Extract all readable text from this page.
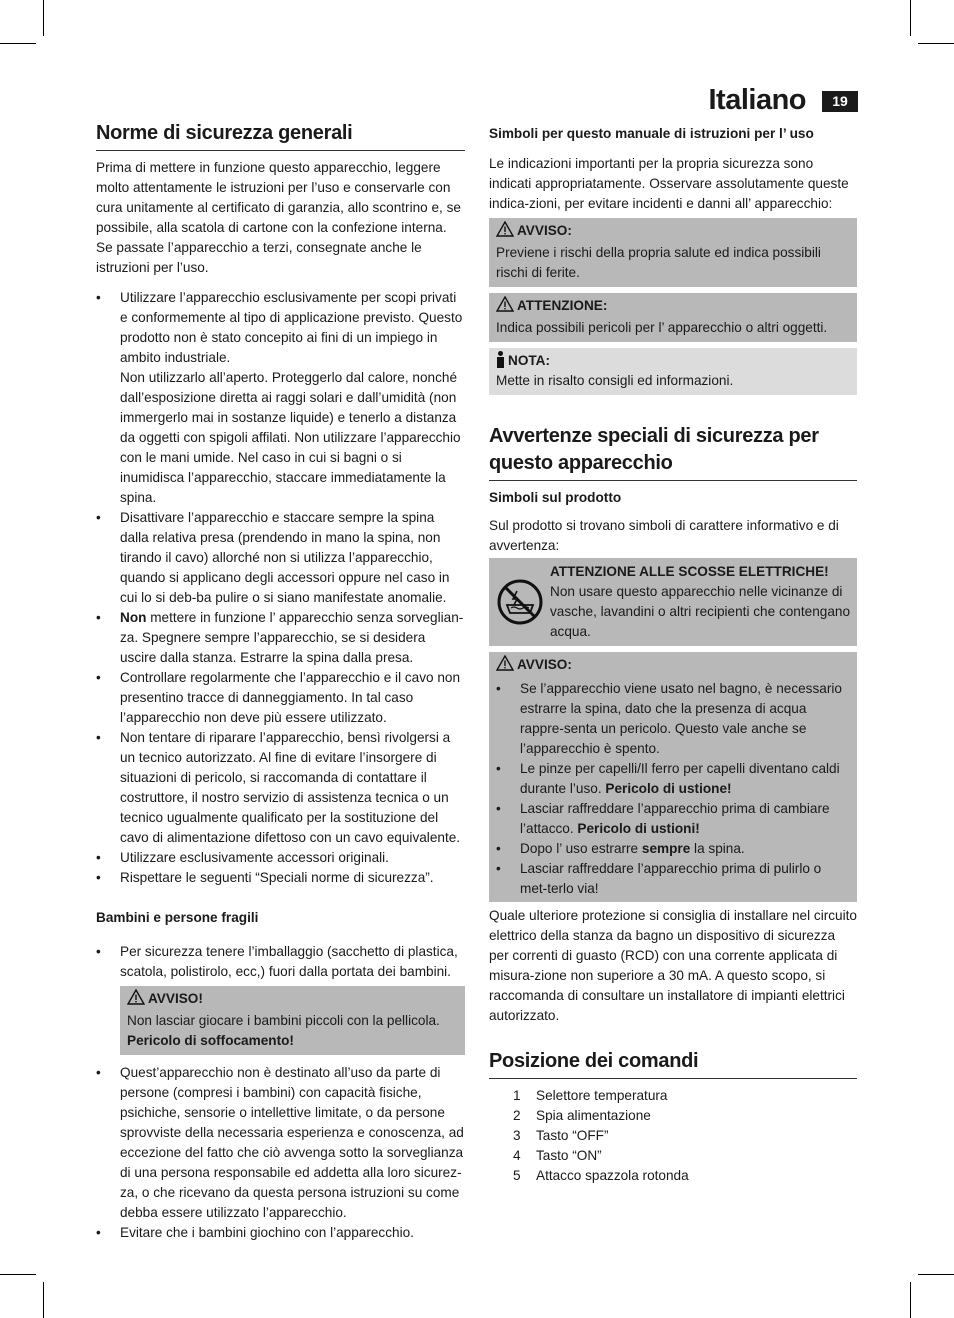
Italiano	19
Norme di sicurezza generali

Prima di mettere in funzione questo apparecchio, leggere molto attentamente le istruzioni per l’uso e conservarle con cura unitamente al certificato di garanzia, allo scontrino e, se possibile, alla scatola di cartone con la confezione interna. Se passate l’apparecchio a terzi, consegnate anche le istruzioni per l’uso.

• Utilizzare l’apparecchio esclusivamente per scopi privati e conformemente al tipo di applicazione previsto. Questo prodotto non è stato concepito ai fini di un impiego in ambito industriale.
Non utilizzarlo all’aperto. Proteggerlo dal calore, nonché dall’esposizione diretta ai raggi solari e dall’umidità (non immergerlo mai in sostanze liquide) e tenerlo a distanza da oggetti con spigoli affilati. Non utilizzare l’apparecchio con le mani umide. Nel caso in cui si bagni o si inumidisca l’apparecchio, staccare immediatamente la spina.
• Disattivare l’apparecchio e staccare sempre la spina dalla relativa presa (prendendo in mano la spina, non tirando il cavo) allorché non si utilizza l’apparecchio, quando si applicano degli accessori oppure nel caso in cui lo si deb-ba pulire o si siano manifestate anomalie.
• Non mettere in funzione l’ apparecchio senza sorveglian-za. Spegnere sempre l’apparecchio, se si desidera uscire dalla stanza. Estrarre la spina dalla presa.
• Controllare regolarmente che l’apparecchio e il cavo non presentino tracce di danneggiamento. In tal caso l’apparecchio non deve più essere utilizzato.
• Non tentare di riparare l’apparecchio, bensì rivolgersi a un tecnico autorizzato. Al fine di evitare l’insorgere di situazioni di pericolo, si raccomanda di contattare il costruttore, il nostro servizio di assistenza tecnica o un tecnico ugualmente qualificato per la sostituzione del cavo di alimentazione difettoso con un cavo equivalente.
• Utilizzare esclusivamente accessori originali.
• Rispettare le seguenti “Speciali norme di sicurezza”.
Bambini e persone fragili
• Per sicurezza tenere l’imballaggio (sacchetto di plastica, scatola, polistirolo, ecc,) fuori dalla portata dei bambini.
AVVISO!
Non lasciar giocare i bambini piccoli con la pellicola.
Pericolo di soffocamento!
• Quest’apparecchio non è destinato all’uso da parte di persone (compresi i bambini) con capacità fisiche, psichiche, sensorie o intellettive limitate, o da persone sprovviste della necessaria esperienza e conoscenza, ad eccezione del fatto che ciò avvenga sotto la sorveglianza di una persona responsabile ed addetta alla loro sicurez-za, o che ricevano da questa persona istruzioni su come debba essere utilizzato l’apparecchio.
• Evitare che i bambini giochino con l’apparecchio.
Simboli per questo manuale di istruzioni per l’ uso

Le indicazioni importanti per la propria sicurezza sono indicati appropriatamente. Osservare assolutamente queste indica-zioni, per evitare incidenti e danni all’ apparecchio:

AVVISO:
Previene i rischi della propria salute ed indica possibili rischi di ferite.
ATTENZIONE:
Indica possibili pericoli per l’ apparecchio o altri oggetti.
NOTA:
Mette in risalto consigli ed informazioni.
Avvertenze speciali di sicurezza per questo apparecchio
Simboli sul prodotto

Sul prodotto si trovano simboli di carattere informativo e di avvertenza:

ATTENZIONE ALLE SCOSSE ELETTRICHE!
Non usare questo apparecchio nelle vicinanze di vasche, lavandini o altri recipienti che contengano acqua.
AVVISO:
• Se l’apparecchio viene usato nel bagno, è necessario estrarre la spina, dato che la presenza di acqua rappre-senta un pericolo. Questo vale anche se l’apparecchio è spento.
• Le pinze per capelli/Il ferro per capelli diventano caldi durante l’uso. Pericolo di ustione!
• Lasciar raffreddare l’apparecchio prima di cambiare l’attacco. Pericolo di ustioni!
• Dopo l’ uso estrarre sempre la spina.
• Lasciar raffreddare l’apparecchio prima di pulirlo o met-terlo via!

Quale ulteriore protezione si consiglia di installare nel circuito elettrico della stanza da bagno un dispositivo di sicurezza per correnti di guasto (RCD) con una corrente applicata di misura-zione non superiore a 30 mA. A questo scopo, si raccomanda di consultare un installatore di impianti elettrici autorizzato.

Posizione dei comandi
1	Selettore temperatura
2	Spia alimentazione
3	Tasto “OFF”
4	Tasto “ON”
5	Attacco spazzola rotonda
